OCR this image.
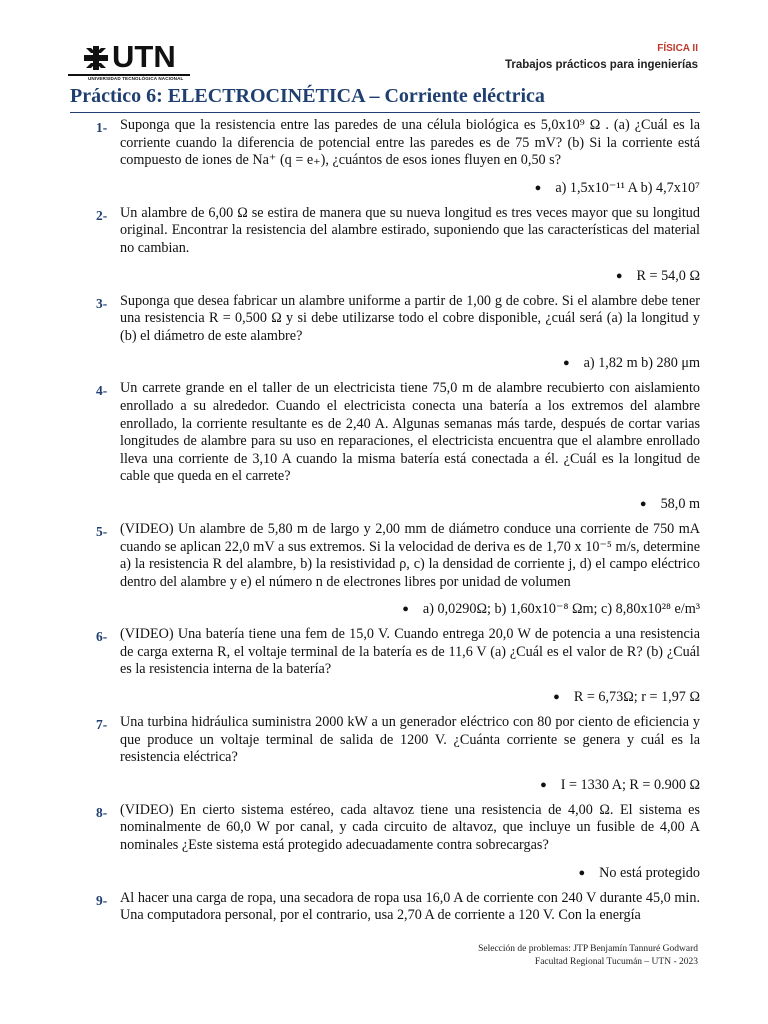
UTN
UNIVERSIDAD TECNOLÓGICA NACIONAL
FÍSICA II
Trabajos prácticos para ingenierías
Práctico 6: ELECTROCINÉTICA – Corriente eléctrica
1- Suponga que la resistencia entre las paredes de una célula biológica es 5,0x10⁹ Ω . (a) ¿Cuál es la corriente cuando la diferencia de potencial entre las paredes es de 75 mV? (b) Si la corriente está compuesto de iones de Na⁺ (q = e₊), ¿cuántos de esos iones fluyen en 0,50 s?
● a) 1,5x10⁻¹¹ A b) 4,7x10⁷
2- Un alambre de 6,00 Ω se estira de manera que su nueva longitud es tres veces mayor que su longitud original. Encontrar la resistencia del alambre estirado, suponiendo que las características del material no cambian.
● R = 54,0 Ω
3- Suponga que desea fabricar un alambre uniforme a partir de 1,00 g de cobre. Si el alambre debe tener una resistencia R = 0,500 Ω y si debe utilizarse todo el cobre disponible, ¿cuál será (a) la longitud y (b) el diámetro de este alambre?
● a) 1,82 m b) 280 μm
4- Un carrete grande en el taller de un electricista tiene 75,0 m de alambre recubierto con aislamiento enrollado a su alrededor. Cuando el electricista conecta una batería a los extremos del alambre enrollado, la corriente resultante es de 2,40 A. Algunas semanas más tarde, después de cortar varias longitudes de alambre para su uso en reparaciones, el electricista encuentra que el alambre enrollado lleva una corriente de 3,10 A cuando la misma batería está conectada a él. ¿Cuál es la longitud de cable que queda en el carrete?
● 58,0 m
5- (VIDEO) Un alambre de 5,80 m de largo y 2,00 mm de diámetro conduce una corriente de 750 mA cuando se aplican 22,0 mV a sus extremos. Si la velocidad de deriva es de 1,70 x 10⁻⁵ m/s, determine a) la resistencia R del alambre, b) la resistividad ρ, c) la densidad de corriente j, d) el campo eléctrico dentro del alambre y e) el número n de electrones libres por unidad de volumen
● a) 0,0290Ω; b) 1,60x10⁻⁸ Ωm; c) 8,80x10²⁸ e/m³
6- (VIDEO) Una batería tiene una fem de 15,0 V. Cuando entrega 20,0 W de potencia a una resistencia de carga externa R, el voltaje terminal de la batería es de 11,6 V (a) ¿Cuál es el valor de R? (b) ¿Cuál es la resistencia interna de la batería?
● R = 6,73Ω; r = 1,97 Ω
7- Una turbina hidráulica suministra 2000 kW a un generador eléctrico con 80 por ciento de eficiencia y que produce un voltaje terminal de salida de 1200 V. ¿Cuánta corriente se genera y cuál es la resistencia eléctrica?
● I = 1330 A; R = 0.900 Ω
8- (VIDEO) En cierto sistema estéreo, cada altavoz tiene una resistencia de 4,00 Ω. El sistema es nominalmente de 60,0 W por canal, y cada circuito de altavoz, que incluye un fusible de 4,00 A nominales ¿Este sistema está protegido adecuadamente contra sobrecargas?
● No está protegido
9- Al hacer una carga de ropa, una secadora de ropa usa 16,0 A de corriente con 240 V durante 45,0 min. Una computadora personal, por el contrario, usa 2,70 A de corriente a 120 V. Con la energía
Selección de problemas: JTP Benjamín Tannuré Godward
Facultad Regional Tucumán – UTN - 2023
